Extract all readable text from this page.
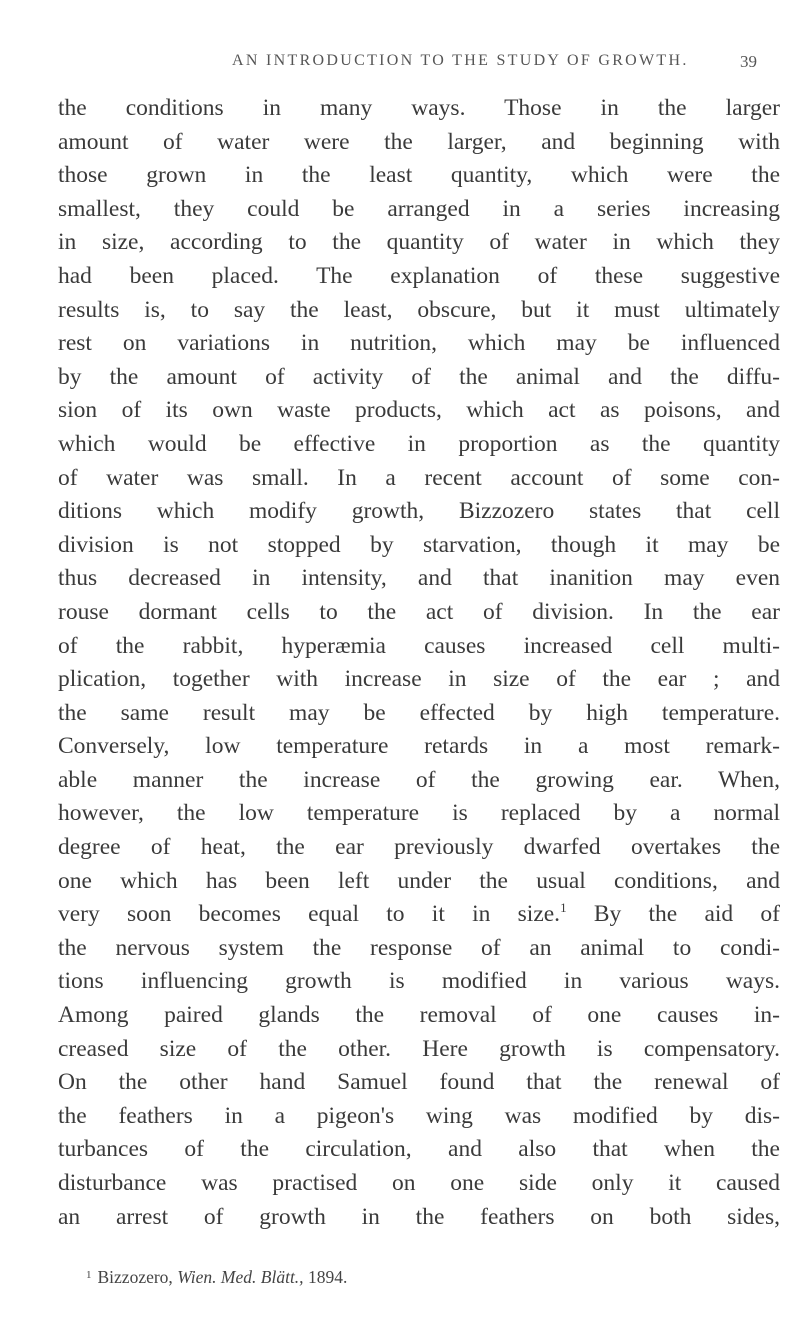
AN INTRODUCTION TO THE STUDY OF GROWTH.	39
the conditions in many ways. Those in the larger
amount of water were the larger, and beginning with
those grown in the least quantity, which were the
smallest, they could be arranged in a series increasing
in size, according to the quantity of water in which they
had been placed. The explanation of these suggestive
results is, to say the least, obscure, but it must ultimately
rest on variations in nutrition, which may be influenced
by the amount of activity of the animal and the diffu-
sion of its own waste products, which act as poisons, and
which would be effective in proportion as the quantity
of water was small. In a recent account of some con-
ditions which modify growth, Bizzozero states that cell
division is not stopped by starvation, though it may be
thus decreased in intensity, and that inanition may even
rouse dormant cells to the act of division. In the ear
of the rabbit, hyperæmia causes increased cell multi-
plication, together with increase in size of the ear ; and
the same result may be effected by high temperature.
Conversely, low temperature retards in a most remark-
able manner the increase of the growing ear. When,
however, the low temperature is replaced by a normal
degree of heat, the ear previously dwarfed overtakes the
one which has been left under the usual conditions, and
very soon becomes equal to it in size.$^1$ By the aid of
the nervous system the response of an animal to condi-
tions influencing growth is modified in various ways.
Among paired glands the removal of one causes in-
creased size of the other. Here growth is compensatory.
On the other hand Samuel found that the renewal of
the feathers in a pigeon's wing was modified by dis-
turbances of the circulation, and also that when the
disturbance was practised on one side only it caused
an arrest of growth in the feathers on both sides,
$^1$ Bizzozero, Wien. Med. Blätt., 1894.
